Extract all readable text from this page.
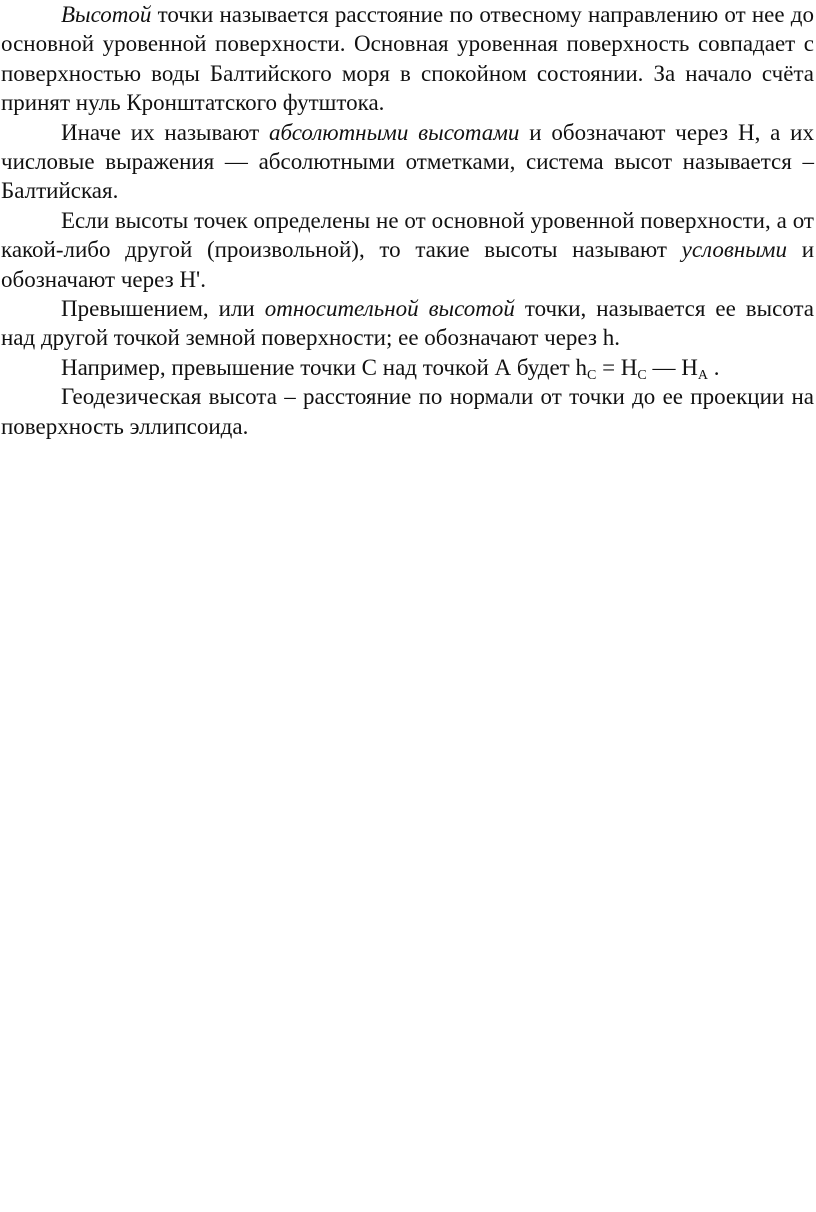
Высотой точки называется расстояние по отвесному направлению от нее до основной уровенной поверхности. Основная уровенная поверхность совпадает с поверхностью воды Балтийского моря в спокойном состоянии. За начало счёта принят нуль Кронштатского футштока.

Иначе их называют абсолютными высотами и обозначают через Н, а их числовые выражения — абсолютными отметками, система высот называется – Балтийская.

Если высоты точек определены не от основной уровенной поверхности, а от какой-либо другой (произвольной), то такие высоты называют условными и обозначают через Н'.

Превышением, или относительной высотой точки, называется ее высота над другой точкой земной поверхности; ее обозначают через h.

Например, превышение точки С над точкой А будет $h_C = H_C$ — $H_A$ .

Геодезическая высота – расстояние по нормали от точки до ее проекции на поверхность эллипсоида.
